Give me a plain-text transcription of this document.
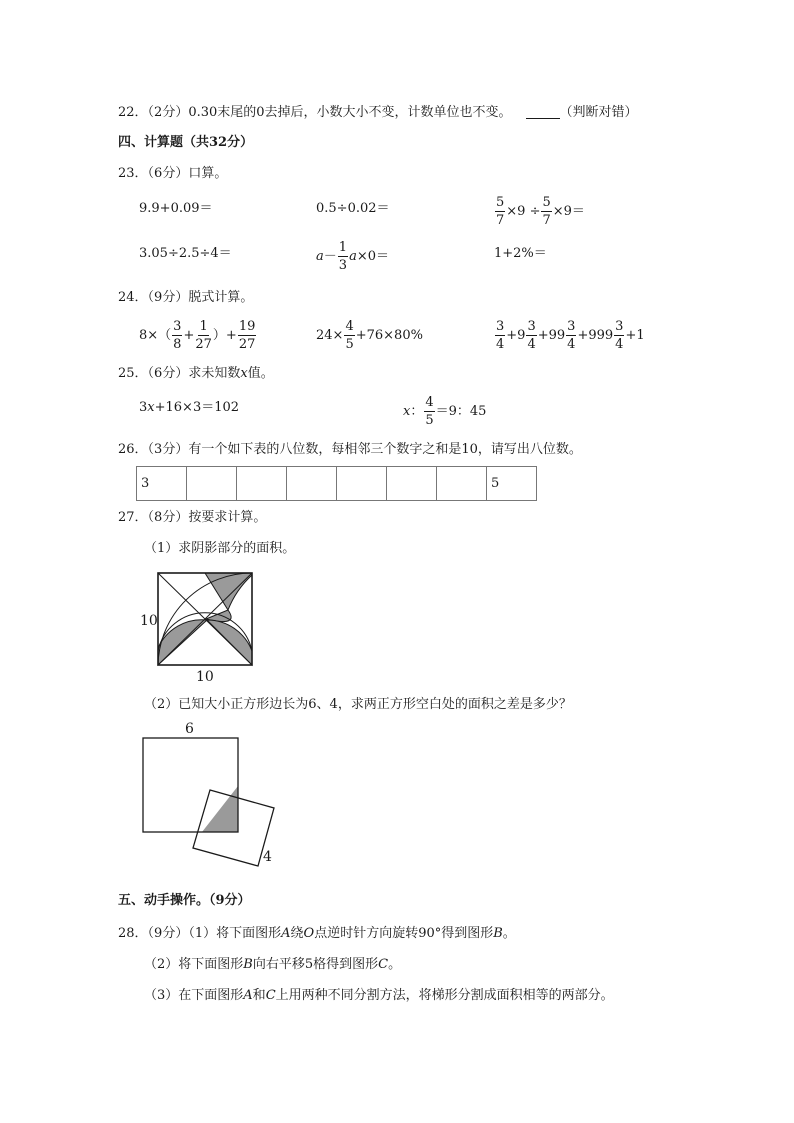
22．（2分）0.30末尾的0去掉后，小数大小不变，计数单位也不变。	（判断对错）
四、计算题（共32分）
23．（6分）口算。
9.9+0.09＝	0.5÷0.02＝	$\frac{5}{7} \times 9 \div \frac{5}{7} \times 9=$
3.05÷2.5÷4＝	$a- \frac{1}{3} a\times 0=$	1+2%＝
24．（9分）脱式计算。
$8\times( \frac{3}{8} + \frac{1}{27}$ ）+ $\frac{19}{27}$	$24\times \frac{4}{5} +76\times 80\%$	$\frac{3}{4} +9 \frac{3}{4} +99 \frac{3}{4} +999 \frac{3}{4} +1$
25．（6分）求未知数x值。
3x+16×3＝102	x： $\frac{4}{5} =9$：45
26．（3分）有一个如下表的八位数，每相邻三个数字之和是10，请写出八位数。
3							5
27．（8分）按要求计算。
（1）求阴影部分的面积。
10
10
（2）已知大小正方形边长为6、4，求两正方形空白处的面积之差是多少？
6
4
五、动手操作。（9分）
28．（9分）（1）将下面图形A绕O点逆时针方向旋转90°得到图形B。
（2）将下面图形B向右平移5格得到图形C。
（3）在下面图形A和C上用两种不同分割方法，将梯形分割成面积相等的两部分。
